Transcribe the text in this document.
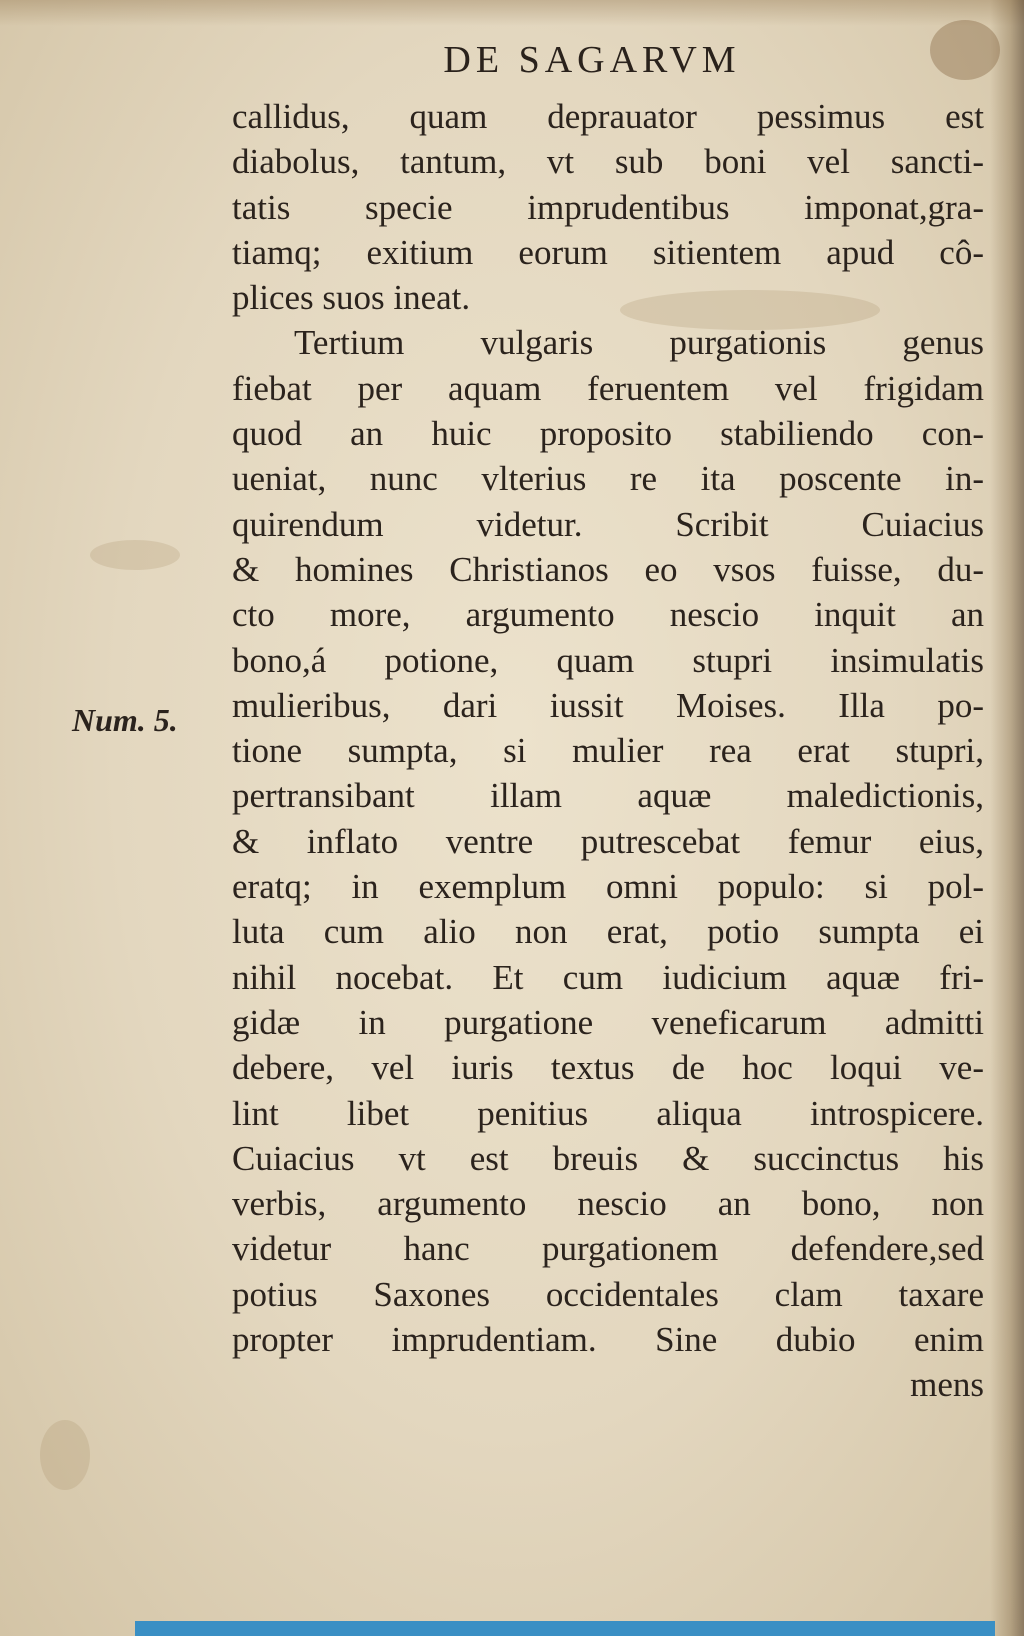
DE SAGARVM
Num. 5.
callidus, quam deprauator pessimus est
diabolus, tantum, vt sub boni vel sancti-
tatis specie imprudentibus imponat,gra-
tiamq; exitium eorum sitientem apud cô-
plices suos ineat.
Tertium vulgaris purgationis genus
fiebat per aquam feruentem vel frigidam
quod an huic proposito stabiliendo con-
ueniat, nunc vlterius re ita poscente in-
quirendum videtur. Scribit Cuiacius
& homines Christianos eo vsos fuisse, du-
cto more, argumento nescio inquit an
bono,á potione, quam stupri insimulatis
mulieribus, dari iussit Moises. Illa po-
tione sumpta, si mulier rea erat stupri,
pertransibant illam aquæ maledictionis,
& inflato ventre putrescebat femur eius,
eratq; in exemplum omni populo: si pol-
luta cum alio non erat, potio sumpta ei
nihil nocebat. Et cum iudicium aquæ fri-
gidæ in purgatione veneficarum admitti
debere, vel iuris textus de hoc loqui ve-
lint libet penitius aliqua introspicere.
Cuiacius vt est breuis & succinctus his
verbis, argumento nescio an bono, non
videtur hanc purgationem defendere,sed
potius Saxones occidentales clam taxare
propter imprudentiam. Sine dubio enim
mens
